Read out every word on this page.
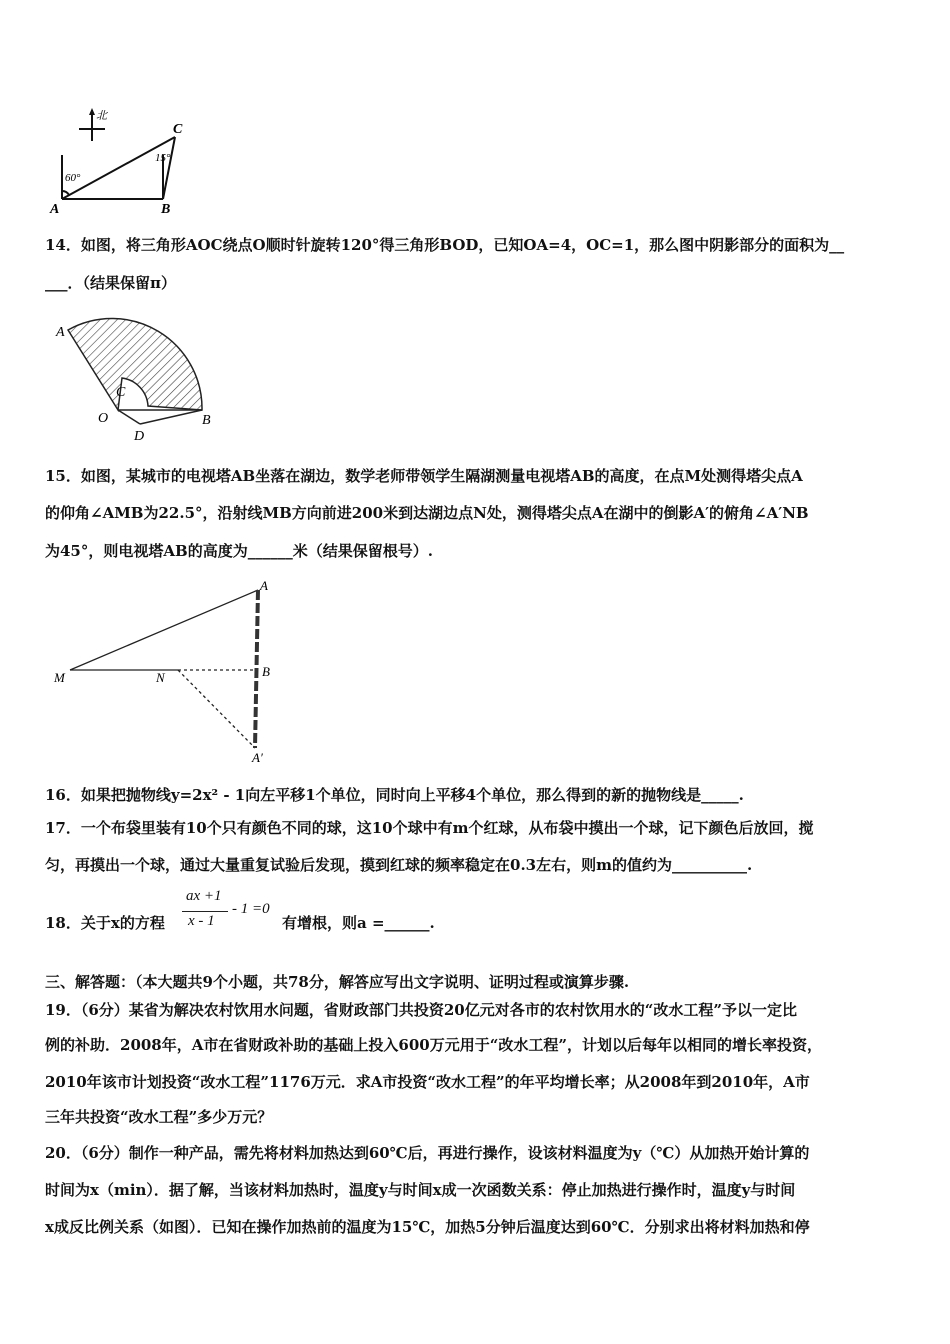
北
60°
15°
A	B
C
14．如图，将三角形AOC绕点O顺时针旋转120°得三角形BOD，已知OA=4，OC=1，那么图中阴影部分的面积为__
___．（结果保留π）
A
C
O
D
B
15．如图，某城市的电视塔AB坐落在湖边，数学老师带领学生隔湖测量电视塔AB的高度，在点M处测得塔尖点A
的仰角∠AMB为22.5°，沿射线MB方向前进200米到达湖边点N处，测得塔尖点A在湖中的倒影A′的俯角∠A′NB
为45°，则电视塔AB的高度为______米（结果保留根号）.
A
M	N	B
A′
16．如果把抛物线y=2x² - 1向左平移1个单位，同时向上平移4个单位，那么得到的新的抛物线是_____.
17．一个布袋里装有10个只有颜色不同的球，这10个球中有m个红球，从布袋中摸出一个球，记下颜色后放回，搅
匀，再摸出一个球，通过大量重复试验后发现，摸到红球的频率稳定在0.3左右，则m的值约为__________.
18．关于x的方程
ax +1
x - 1
- 1 =0
有增根，则a =______.
三、解答题：（本大题共9个小题，共78分，解答应写出文字说明、证明过程或演算步骤.
19．（6分）某省为解决农村饮用水问题，省财政部门共投资20亿元对各市的农村饮用水的“改水工程”予以一定比
例的补助．2008年，A市在省财政补助的基础上投入600万元用于“改水工程”，计划以后每年以相同的增长率投资，
2010年该市计划投资“改水工程”1176万元．求A市投资“改水工程”的年平均增长率；从2008年到2010年，A市
三年共投资“改水工程”多少万元？
20．（6分）制作一种产品，需先将材料加热达到60℃后，再进行操作，设该材料温度为y（℃）从加热开始计算的
时间为x（min）．据了解，当该材料加热时，温度y与时间x成一次函数关系：停止加热进行操作时，温度y与时间
x成反比例关系（如图）．已知在操作加热前的温度为15℃，加热5分钟后温度达到60℃．分别求出将材料加热和停
